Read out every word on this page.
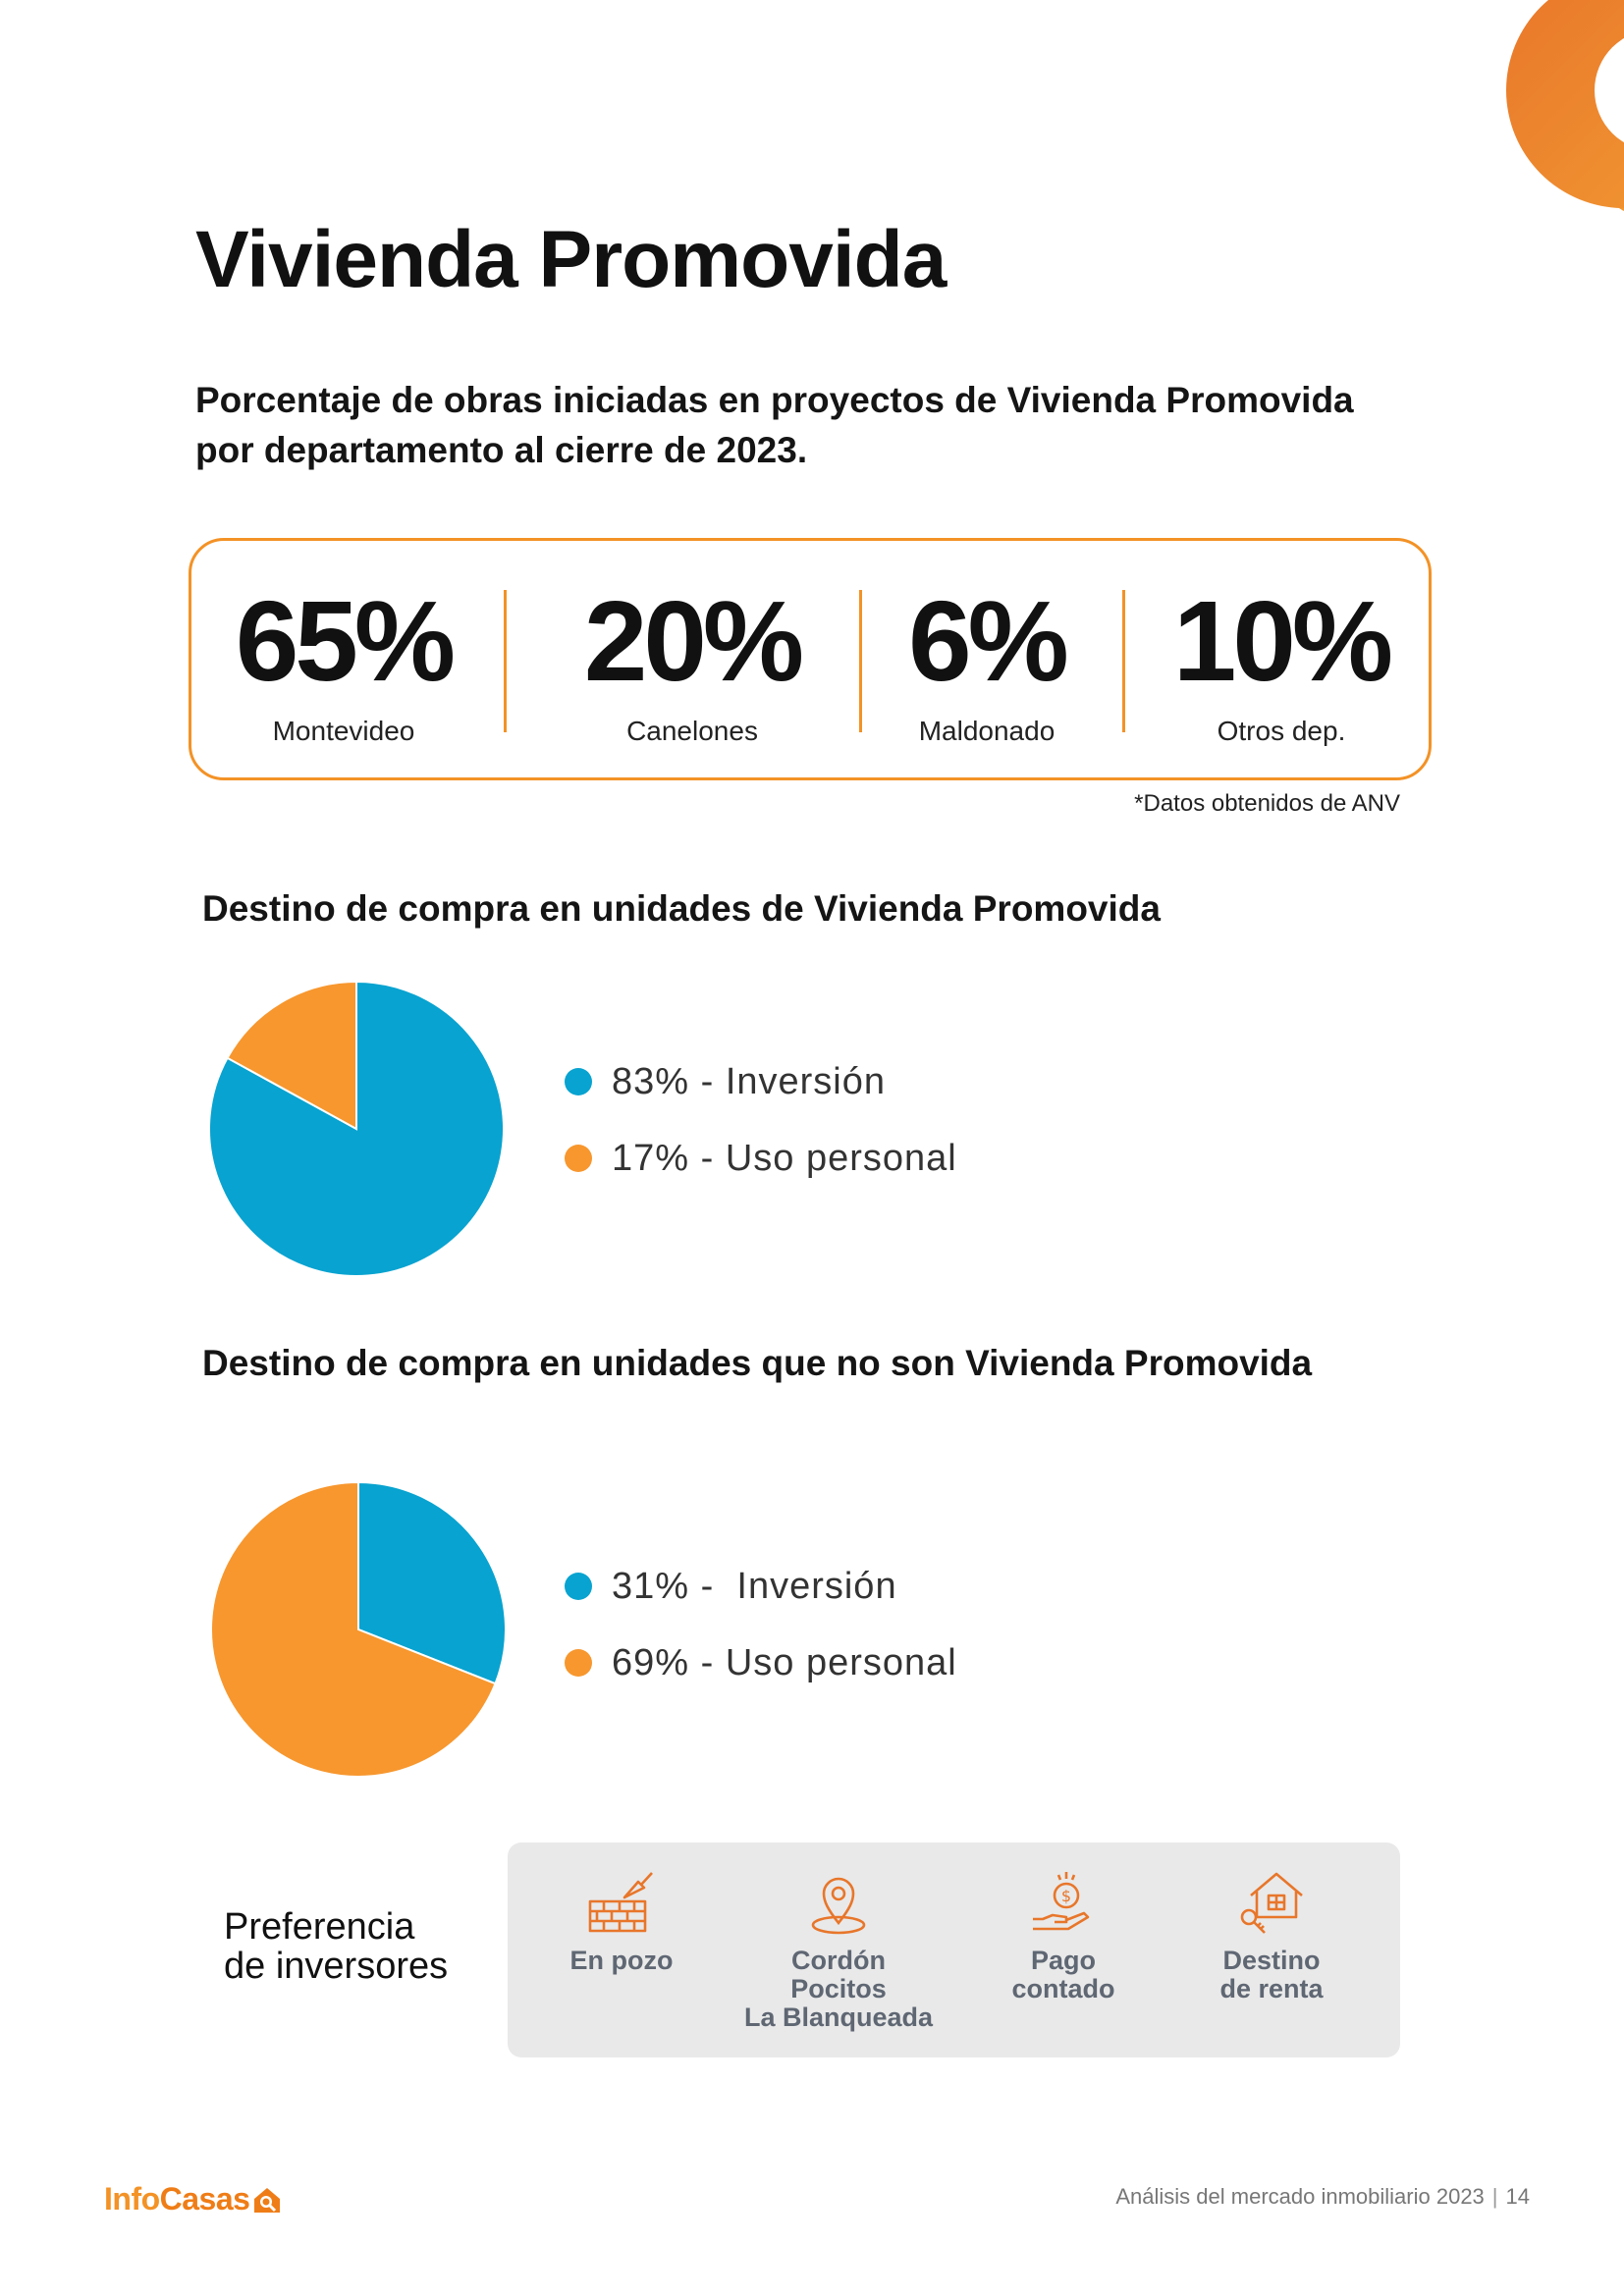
Vivienda Promovida

Porcentaje de obras iniciadas en proyectos de Vivienda Promovida
por departamento al cierre de 2023.

65%
Montevideo
20%
Canelones
6%
Maldonado
10%
Otros dep.
*Datos obtenidos de ANV
Destino de compra en unidades de Vivienda Promovida
83% - Inversión
17% - Uso personal
Destino de compra en unidades que no son Vivienda Promovida
31% -  Inversión
69% - Uso personal
Preferencia
de inversores	En pozo	Cordón
Pocitos
La Blanqueada
$
Pago
contado
Destino
de renta
Info Casas	Análisis del mercado inmobiliario 2023 | 14
